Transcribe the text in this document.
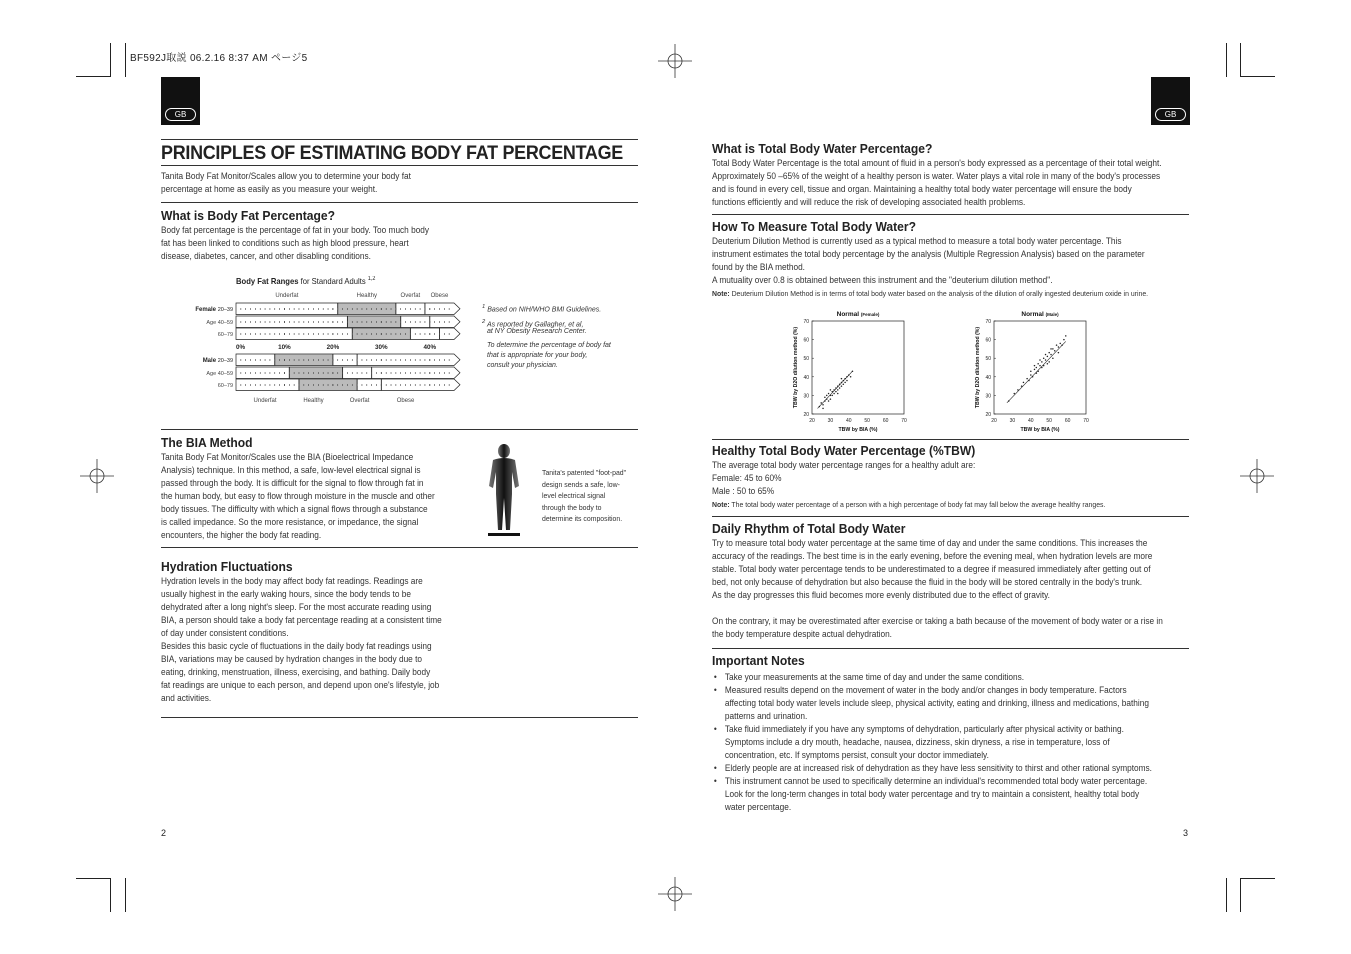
BF592J取説 06.2.16 8:37 AM ページ5
GB	GB
PRINCIPLES OF ESTIMATING BODY FAT PERCENTAGE
Tanita Body Fat Monitor/Scales allow you to determine your body fat
percentage at home as easily as you measure your weight.
What is Body Fat Percentage?
Body fat percentage is the percentage of fat in your body. Too much body
fat has been linked to conditions such as high blood pressure, heart
disease, diabetes, cancer, and other disabling conditions.
Body Fat Ranges for Standard Adults $^{1,2}$
Underfat	Healthy	Overfat Obese
Female 20–39
Age 40–59
60–79
Male 20–39
Age 40–59
60–79
0%	10%	20%	30%	40%
Underfat	Healthy	Overfat	Obese
$^1$ Based on NIH/WHO BMI Guidelines.
$^2$ As reported by Gallagher, et al,
at NY Obesity Research Center.
To determine the percentage of body fat
that is appropriate for your body,
consult your physician.
The BIA Method
Tanita Body Fat Monitor/Scales use the BIA (Bioelectrical Impedance
Analysis) technique. In this method, a safe, low-level electrical signal is
passed through the body. It is difficult for the signal to flow through fat in
the human body, but easy to flow through moisture in the muscle and other
body tissues. The difficulty with which a signal flows through a substance
is called impedance. So the more resistance, or impedance, the signal
encounters, the higher the body fat reading.
Tanita's patented "foot-pad"
design sends a safe, low-
level electrical signal
through the body to
determine its composition.
Hydration Fluctuations
Hydration levels in the body may affect body fat readings. Readings are
usually highest in the early waking hours, since the body tends to be
dehydrated after a long night's sleep. For the most accurate reading using
BIA, a person should take a body fat percentage reading at a consistent time
of day under consistent conditions.
Besides this basic cycle of fluctuations in the daily body fat readings using
BIA, variations may be caused by hydration changes in the body due to
eating, drinking, menstruation, illness, exercising, and bathing. Daily body
fat readings are unique to each person, and depend upon one's lifestyle, job
and activities.
2
What is Total Body Water Percentage?
Total Body Water Percentage is the total amount of fluid in a person's body expressed as a percentage of their total weight.
Approximately 50 –65% of the weight of a healthy person is water. Water plays a vital role in many of the body's processes
and is found in every cell, tissue and organ. Maintaining a healthy total body water percentage will ensure the body
functions efficiently and will reduce the risk of developing associated health problems.
How To Measure Total Body Water?
Deuterium Dilution Method is currently used as a typical method to measure a total body water percentage. This
instrument estimates the total body percentage by the analysis (Multiple Regression Analysis) based on the parameter
found by the BIA method.
A mutuality over 0.8 is obtained between this instrument and the "deuterium dilution method".
Note: Deuterium Dilution Method is in terms of total body water based on the analysis of the dilution of orally ingested deuterium oxide in urine.
Normal (Female)
20	30	40	50	60	70
20
30
40
50
60
70
TBW by BIA (%)
TBW by D2O dilution method (%)
Normal (Male)
20	30	40	50	60	70
20
30
40
50
60
70
TBW by BIA (%)
TBW by D2O dilution method (%)
Healthy Total Body Water Percentage (%TBW)
The average total body water percentage ranges for a healthy adult are:
Female: 45 to 60%
Male : 50 to 65%
Note: The total body water percentage of a person with a high percentage of body fat may fall below the average healthy ranges.
Daily Rhythm of Total Body Water
Try to measure total body water percentage at the same time of day and under the same conditions. This increases the
accuracy of the readings. The best time is in the early evening, before the evening meal, when hydration levels are more
stable. Total body water percentage tends to be underestimated to a degree if measured immediately after getting out of
bed, not only because of dehydration but also because the fluid in the body will be stored centrally in the body's trunk.
As the day progresses this fluid becomes more evenly distributed due to the effect of gravity.
On the contrary, it may be overestimated after exercise or taking a bath because of the movement of body water or a rise in
the body temperature despite actual dehydration.
Important Notes
• Take your measurements at the same time of day and under the same conditions.
• Measured results depend on the movement of water in the body and/or changes in body temperature. Factors
affecting total body water levels include sleep, physical activity, eating and drinking, illness and medications, bathing
patterns and urination.
• Take fluid immediately if you have any symptoms of dehydration, particularly after physical activity or bathing.
Symptoms include a dry mouth, headache, nausea, dizziness, skin dryness, a rise in temperature, loss of
concentration, etc. If symptoms persist, consult your doctor immediately.
• Elderly people are at increased risk of dehydration as they have less sensitivity to thirst and other rational symptoms.
• This instrument cannot be used to specifically determine an individual's recommended total body water percentage.
Look for the long-term changes in total body water percentage and try to maintain a consistent, healthy total body
water percentage.
3
